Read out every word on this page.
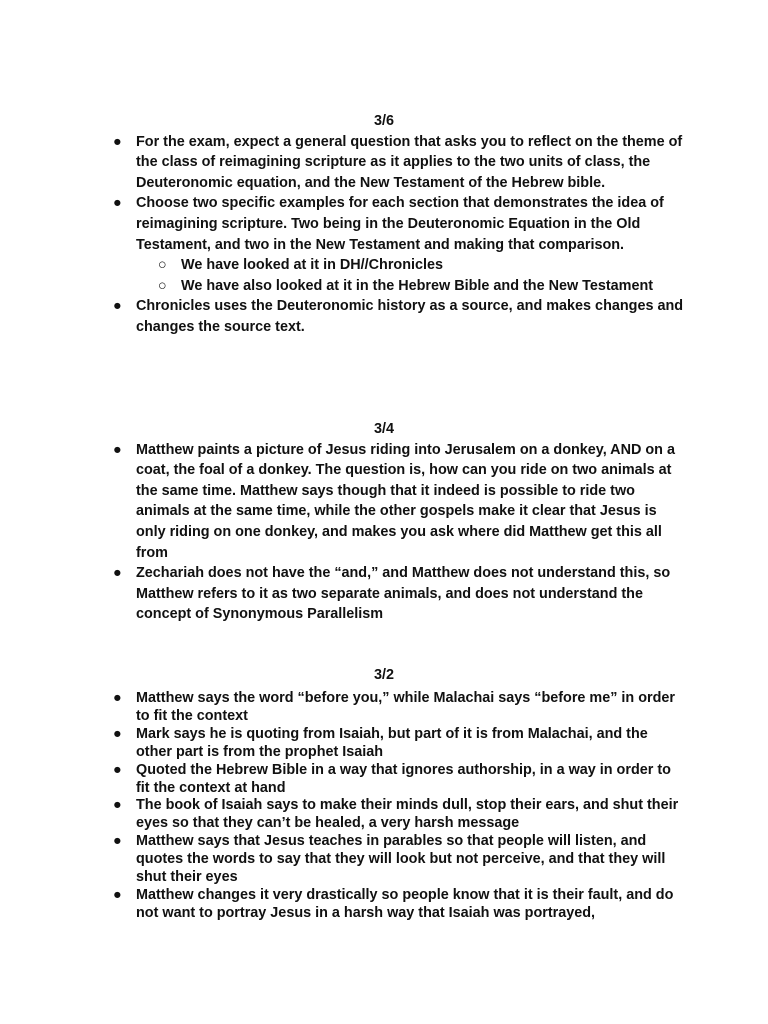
3/6
● For the exam, expect a general question that asks you to reflect on the theme of the class of reimagining scripture as it applies to the two units of class, the Deuteronomic equation, and the New Testament of the Hebrew bible.
● Choose two specific examples for each section that demonstrates the idea of reimagining scripture. Two being in the Deuteronomic Equation in the Old Testament, and two in the New Testament and making that comparison.
○ We have looked at it in DH//Chronicles
○ We have also looked at it in the Hebrew Bible and the New Testament
● Chronicles uses the Deuteronomic history as a source, and makes changes and changes the source text.
3/4
● Matthew paints a picture of Jesus riding into Jerusalem on a donkey, AND on a coat, the foal of a donkey. The question is, how can you ride on two animals at the same time. Matthew says though that it indeed is possible to ride two animals at the same time, while the other gospels make it clear that Jesus is only riding on one donkey, and makes you ask where did Matthew get this all from
● Zechariah does not have the “and,” and Matthew does not understand this, so Matthew refers to it as two separate animals, and does not understand the concept of Synonymous Parallelism
3/2
● Matthew says the word “before you,” while Malachai says “before me” in order to fit the context
● Mark says he is quoting from Isaiah, but part of it is from Malachai, and the other part is from the prophet Isaiah
● Quoted the Hebrew Bible in a way that ignores authorship, in a way in order to fit the context at hand
● The book of Isaiah says to make their minds dull, stop their ears, and shut their eyes so that they can’t be healed, a very harsh message
● Matthew says that Jesus teaches in parables so that people will listen, and quotes the words to say that they will look but not perceive, and that they will shut their eyes
● Matthew changes it very drastically so people know that it is their fault, and do not want to portray Jesus in a harsh way that Isaiah was portrayed,
